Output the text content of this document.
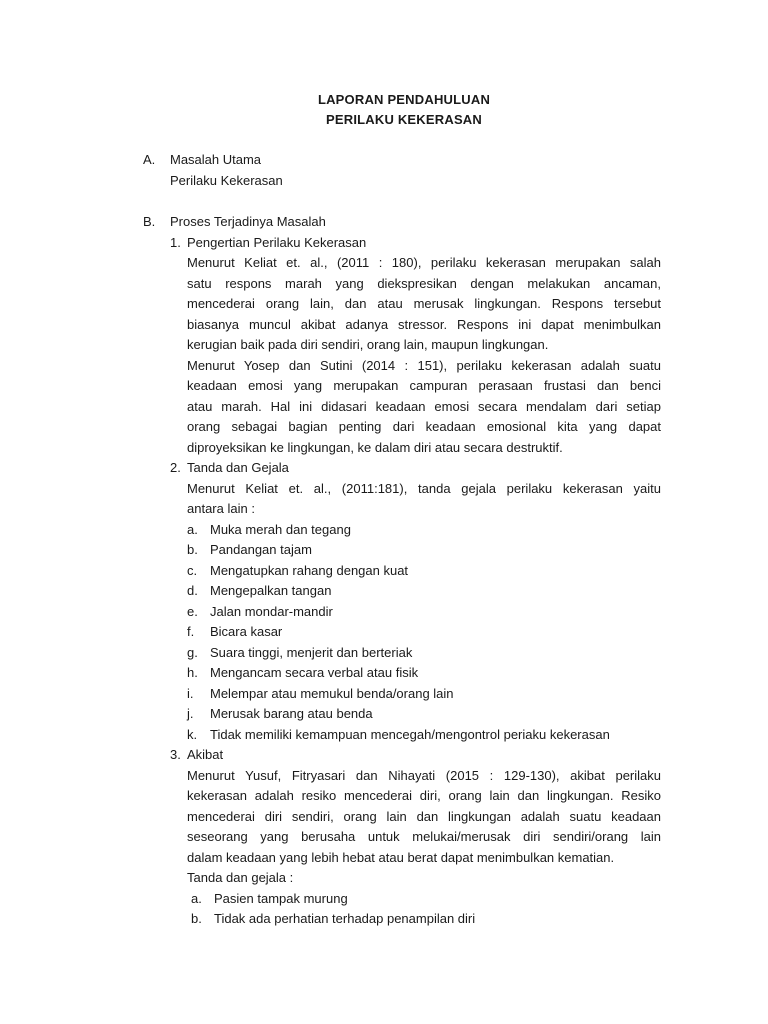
LAPORAN PENDAHULUAN
PERILAKU KEKERASAN
A. Masalah Utama
Perilaku Kekerasan
B. Proses Terjadinya Masalah
1. Pengertian Perilaku Kekerasan
Menurut Keliat et. al., (2011 : 180), perilaku kekerasan merupakan salah
satu respons marah yang diekspresikan dengan melakukan ancaman,
mencederai orang lain, dan atau merusak lingkungan. Respons tersebut
biasanya muncul akibat adanya stressor. Respons ini dapat menimbulkan
kerugian baik pada diri sendiri, orang lain, maupun lingkungan.
Menurut Yosep dan Sutini (2014 : 151), perilaku kekerasan adalah suatu
keadaan emosi yang merupakan campuran perasaan frustasi dan benci
atau marah. Hal ini didasari keadaan emosi secara mendalam dari setiap
orang sebagai bagian penting dari keadaan emosional kita yang dapat
diproyeksikan ke lingkungan, ke dalam diri atau secara destruktif.
2. Tanda dan Gejala
Menurut Keliat et. al., (2011:181), tanda gejala perilaku kekerasan yaitu
antara lain :
a. Muka merah dan tegang
b. Pandangan tajam
c. Mengatupkan rahang dengan kuat
d. Mengepalkan tangan
e. Jalan mondar-mandir
f. Bicara kasar
g. Suara tinggi, menjerit dan berteriak
h. Mengancam secara verbal atau fisik
i. Melempar atau memukul benda/orang lain
j. Merusak barang atau benda
k. Tidak memiliki kemampuan mencegah/mengontrol periaku kekerasan
3. Akibat
Menurut Yusuf, Fitryasari dan Nihayati (2015 : 129-130), akibat perilaku
kekerasan adalah resiko mencederai diri, orang lain dan lingkungan. Resiko
mencederai diri sendiri, orang lain dan lingkungan adalah suatu keadaan
seseorang yang berusaha untuk melukai/merusak diri sendiri/orang lain
dalam keadaan yang lebih hebat atau berat dapat menimbulkan kematian.
Tanda dan gejala :
a. Pasien tampak murung
b. Tidak ada perhatian terhadap penampilan diri
